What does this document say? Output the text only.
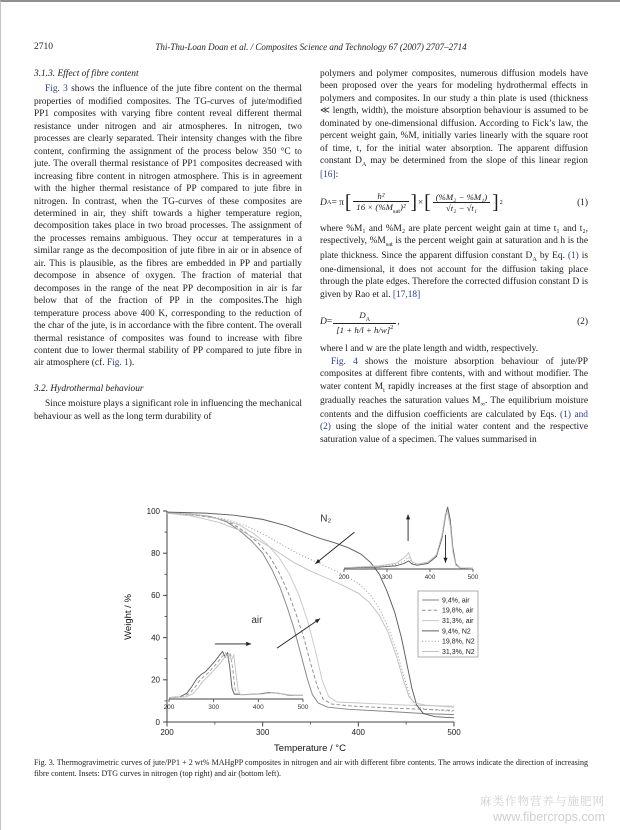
2710	Thi-Thu-Loan Doan et al. / Composites Science and Technology 67 (2007) 2707–2714
3.1.3. Effect of fibre content

Fig. 3 shows the influence of the jute fibre content on the thermal properties of modified composites. The TG-curves of jute/modified PP1 composites with varying fibre content reveal different thermal resistance under nitrogen and air atmospheres. In nitrogen, two processes are clearly separated. Their intensity changes with the fibre content, confirming the assignment of the process below 350 °C to jute. The overall thermal resistance of PP1 composites decreased with increasing fibre content in nitrogen atmosphere. This is in agreement with the higher thermal resistance of PP compared to jute fibre in nitrogen. In contrast, when the TG-curves of these composites are determined in air, they shift towards a higher temperature region, decomposition takes place in two broad processes. The assignment of the processes remains ambiguous. They occur at temperatures in a similar range as the decomposition of jute fibre in air or in absence of air. This is plausible, as the fibres are embedded in PP and partially decompose in absence of oxygen. The fraction of material that decomposes in the range of the neat PP decomposition in air is far below that of the fraction of PP in the composites.The high temperature process above 400 K, corresponding to the reduction of the char of the jute, is in accordance with the fibre content. The overall thermal resistance of composites was found to increase with fibre content due to lower thermal stability of PP compared to jute fibre in air atmosphere (cf. Fig. 1).

3.2. Hydrothermal behaviour

Since moisture plays a significant role in influencing the mechanical behaviour as well as the long term durability of

polymers and polymer composites, numerous diffusion models have been proposed over the years for modeling hydrothermal effects in polymers and composites. In our study a thin plate is used (thickness ≪ length, width), the moisture absorption behaviour is assumed to be dominated by one-dimensional diffusion. According to Fick’s law, the percent weight gain, %M, initially varies linearly with the square root of time, t, for the initial water absorption. The apparent diffusion constant $D_A$ may be determined from the slope of this linear region [16]:

D A = π [ $\frac{\text{h²}}{16 \times (\%M_{sat})^2}$ ] × [ $\frac{\text{(\%M₂ − \%M₁)}}{\text{√t₂ − √t₁}}$ ] 2	(1)

where %M₁ and %M₂ are plate percent weight gain at time t₁ and t₂, respectively, $\%M_{sat}$ is the percent weight gain at saturation and h is the plate thickness. Since the apparent diffusion constant $D_A$ by Eq. (1) is one-dimensional, it does not account for the diffusion taking place through the plate edges. Therefore the corrected diffusion constant D is given by Rao et al. [17,18]

$D = \frac{D_A}{[1 + h/l + h/w]^2}$ ,	(2)

where l and w are the plate length and width, respectively.

Fig. 4 shows the moisture absorption behaviour of jute/PP composites at different fibre contents, with and without modifier. The water content $M_t$ rapidly increases at the first stage of absorption and gradually reaches the saturation values $M_\infty$. The equilibrium moisture contents and the diffusion coefficients are calculated by Eqs. (1) and (2) using the slope of the initial water content and the respective saturation value of a specimen. The values summarised in

200	300	400	500
0
20
40
60
80
100
Temperature / °C
Weight / %
N₂
air
200	300	400	500
200	300	400	500
9,4%, air
19,8%, air
31,3%, air
9,4%, N2
19,8%, N2
31,3%, N2
Fig. 3. Thermogravimetric curves of jute/PP1 + 2 wt% MAHgPP composites in nitrogen and air with different fibre contents. The arrows indicate the direction of increasing fibre content. Insets: DTG curves in nitrogen (top right) and air (bottom left).
麻类作物营养与施肥网
www.fibercrops.com
